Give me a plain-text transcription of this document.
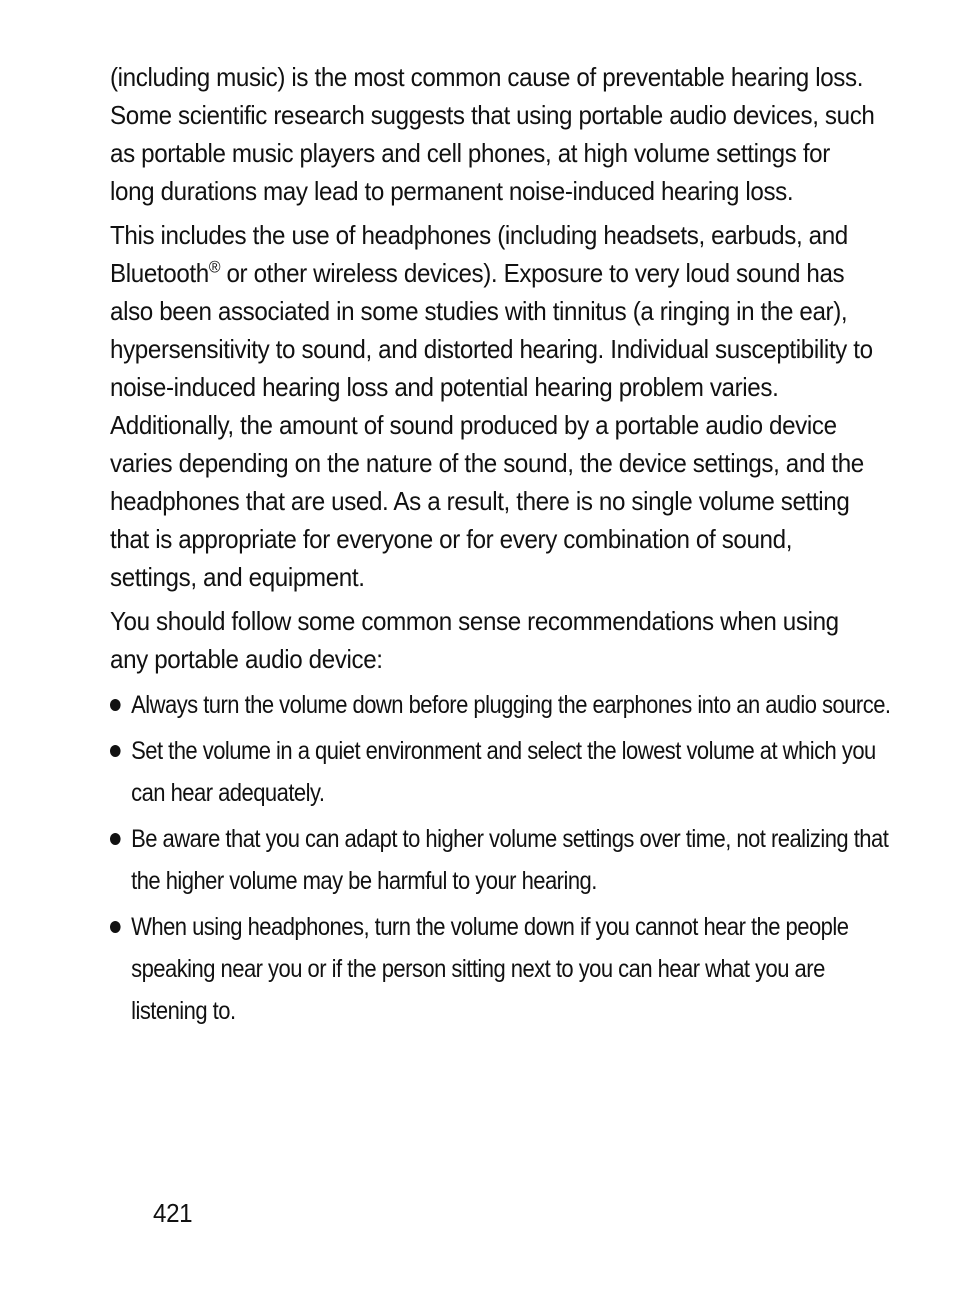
(including music) is the most common cause of preventable hearing loss. Some scientific research suggests that using portable audio devices, such as portable music players and cell phones, at high volume settings for long durations may lead to permanent noise-induced hearing loss.

This includes the use of headphones (including headsets, earbuds, and Bluetooth® or other wireless devices). Exposure to very loud sound has also been associated in some studies with tinnitus (a ringing in the ear), hypersensitivity to sound, and distorted hearing. Individual susceptibility to noise-induced hearing loss and potential hearing problem varies. Additionally, the amount of sound produced by a portable audio device varies depending on the nature of the sound, the device settings, and the headphones that are used. As a result, there is no single volume setting that is appropriate for everyone or for every combination of sound, settings, and equipment.

You should follow some common sense recommendations when using any portable audio device:

Always turn the volume down before plugging the earphones into an audio source.
Set the volume in a quiet environment and select the lowest volume at which you can hear adequately.
Be aware that you can adapt to higher volume settings over time, not realizing that the higher volume may be harmful to your hearing.
When using headphones, turn the volume down if you cannot hear the people speaking near you or if the person sitting next to you can hear what you are listening to.
421
